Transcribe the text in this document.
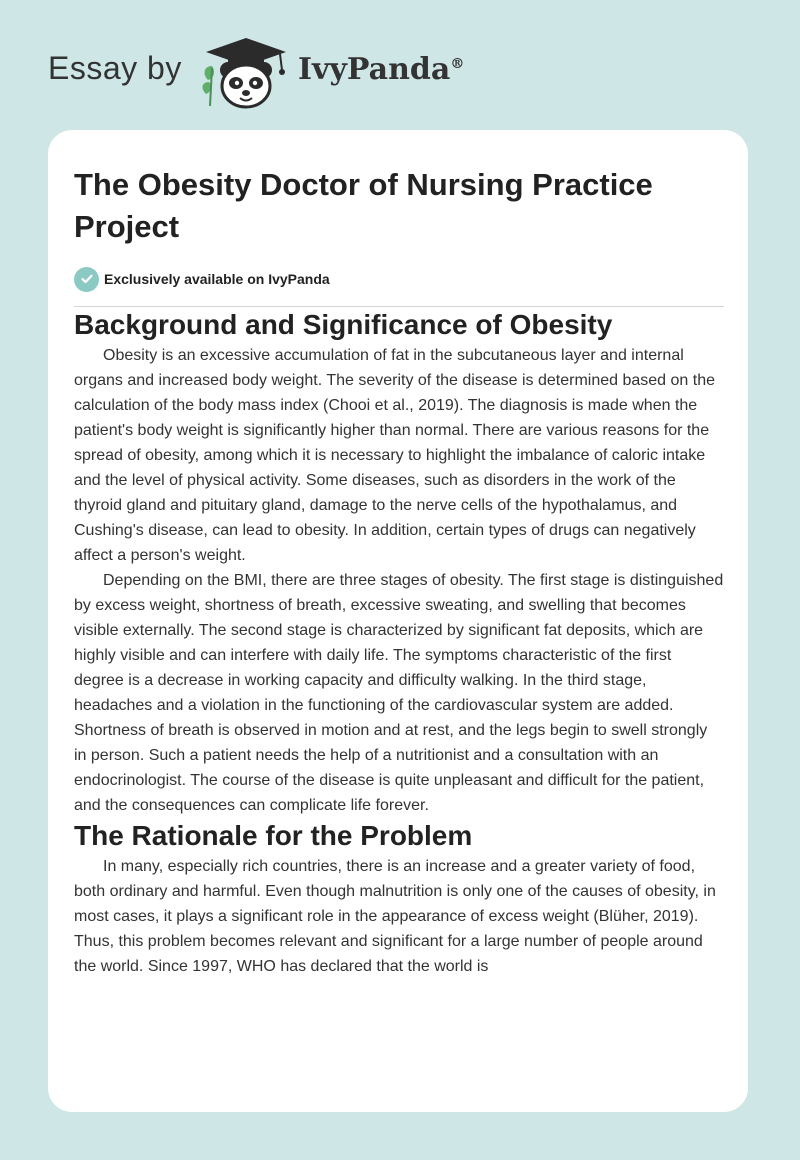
Essay by	IvyPanda®
The Obesity Doctor of Nursing Practice Project
Exclusively available on IvyPanda
Background and Significance of Obesity

Obesity is an excessive accumulation of fat in the subcutaneous layer and internal organs and increased body weight. The severity of the disease is determined based on the calculation of the body mass index (Chooi et al., 2019). The diagnosis is made when the patient's body weight is significantly higher than normal. There are various reasons for the spread of obesity, among which it is necessary to highlight the imbalance of caloric intake and the level of physical activity. Some diseases, such as disorders in the work of the thyroid gland and pituitary gland, damage to the nerve cells of the hypothalamus, and Cushing's disease, can lead to obesity. In addition, certain types of drugs can negatively affect a person's weight.

Depending on the BMI, there are three stages of obesity. The first stage is distinguished by excess weight, shortness of breath, excessive sweating, and swelling that becomes visible externally. The second stage is characterized by significant fat deposits, which are highly visible and can interfere with daily life. The symptoms characteristic of the first degree is a decrease in working capacity and difficulty walking. In the third stage, headaches and a violation in the functioning of the cardiovascular system are added. Shortness of breath is observed in motion and at rest, and the legs begin to swell strongly in person. Such a patient needs the help of a nutritionist and a consultation with an endocrinologist. The course of the disease is quite unpleasant and difficult for the patient, and the consequences can complicate life forever.

The Rationale for the Problem

In many, especially rich countries, there is an increase and a greater variety of food, both ordinary and harmful. Even though malnutrition is only one of the causes of obesity, in most cases, it plays a significant role in the appearance of excess weight (Blüher, 2019). Thus, this problem becomes relevant and significant for a large number of people around the world. Since 1997, WHO has declared that the world is
